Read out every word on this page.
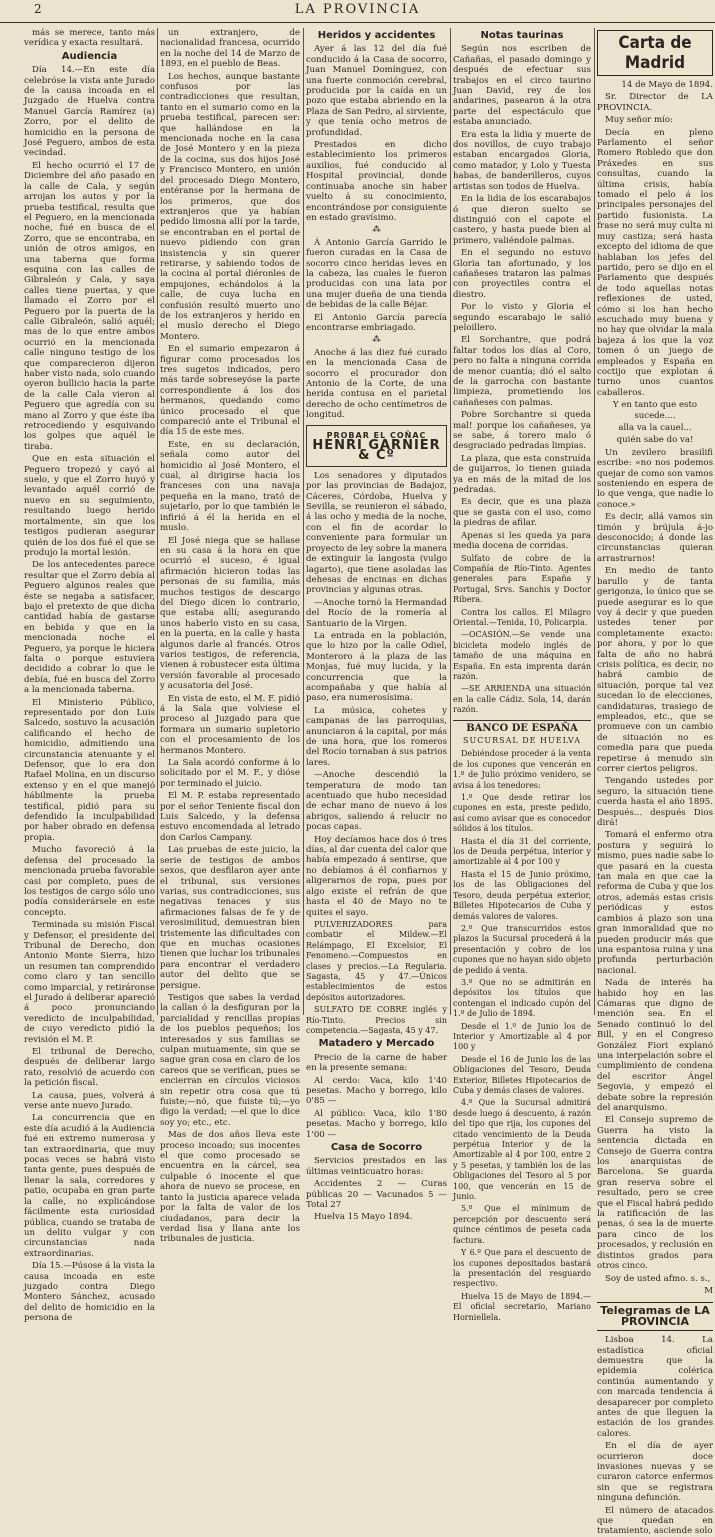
2	LA PROVINCIA

más se merece, tanto más verídica y exacta resultará.

Audiencia

Día 14.—En este día celebróse la vista ante Jurado de la causa incoada en el Juzgado de Huelva contra Manuel García Ramírez (a) Zorro, por el delito de homicidio en la persona de José Peguero, ambos de esta vecindad.

El hecho ocurrió el 17 de Diciembre del año pasado en la calle de Cala, y según arrojan los autos y por la prueba testifical, resulta que el Peguero, en la mencionada noche, fué en busca de el Zorro, que se encontraba, en unión de otros amigos, en una taberna que forma esquina con las calles de Gibraleón y Cala, y saya calles tiene puertas, y que llamado el Zorro por el Peguero por la puerta de la calle Gibraleón, salió aquél; mas de lo que entre ambos ocurrió en la mencionada calle ninguno testigo de los que comparecieron dijeron haber visto nada, solo cuando oyeron bullicio hacia la parte de la calle Cala vieron al Peguero que agredía con su mano al Zorro y que éste iba retrocediendo y esquivando los golpes que aquél le tiraba.

Que en esta situación el Peguero tropezó y cayó al suelo, y que el Zorro huyó y levantado aquél corrió de nuevo en su seguimiento, resultando luego herido mortalmente, sin que los testigos pudieran asegurar quién de los dos fué el que se produjo la mortal lesión.

De los antecedentes parece resultar que el Zorro debía al Peguero algunos reales que éste se negaba a satisfacer, bajo el pretexto de que dicha cantidad había de gastarse en bebida y que en la mencionada noche el Peguero, ya porque le hiciera falta o porque estuviera decidido a cobrar lo que le debía, fué en busca del Zorro a la mencionada taberna.

El Ministerio Público, representado por don Luis Salcedo, sostuvo la acusación calificando el hecho de homicidio, admitiendo una circunstancia atenuante y el Defensor, que lo era don Rafael Molina, en un discurso extenso y en el que manejó hábilmente la prueba testifical, pidió para su defendido la inculpabilidad por haber obrado en defensa propia.

Mucho favoreció á la defensa del procesado la mencionada prueba favorable casi por completo, pues de los testigos de cargo sólo uno podía considerársele en este concepto.

Terminada su misión Fiscal y Defensor, el presidente del Tribunal de Derecho, don Antonio Monte Sierra, hizo un resumen tan comprendido como claro y tan sencillo como imparcial, y retiráronse el Jurado á deliberar apareció á poco pronunciando veredicto de inculpabilidad, de cuyo veredicto pidió la revisión el M. P.

El tribunal de Derecho, después de deliberar largo rato, resolvió de acuerdo con la petición fiscal.

La causa, pues, volverá á verse ante nuevo Jurado.

La concurrencia que en este día acudió á la Audiencia fué en extremo numerosa y tan extraordinaria, que muy pocas veces se habrá visto tanta gente, pues después de llenar la sala, corredores y patio, ocupaba en gran parte la calle, no explicándose fácilmente esta curiosidad pública, cuando se trataba de un delito vulgar y con circunstancias nada extraordinarias.

Día 15.—Púsose á la vista la causa incoada en este juzgado contra Diego Montero Sánchez, acusado del delito de homicidio en la persona de

un extranjero, de nacionalidad francesa, ocurrido en la noche del 14 de Marzo de 1893, en el pueblo de Beas.

Los hechos, aunque bastante confusos por las contradicciones que resultan, tanto en el sumario como en la prueba testifical, parecen ser: que hallándose en la mencionada noche en la casa de José Montero y en la pieza de la cocina, sus dos hijos José y Francisco Montero, en unión del procesado Diego Montero, entéranse por la hermana de los primeros, que dos extranjeros que ya habían pedido limosna allí por la tarde, se encontraban en el portal de nuevo pidiendo con gran insistencia y sin querer retirarse, y sabiendo todos de la cocina al portal diéronles de empujones, echándolos á la calle, de cuya lucha en confusión resultó muerto uno de los extranjeros y herido en el muslo derecho el Diego Montero.

En el sumario empezaron á figurar como procesados los tres sugetos indicados, pero más tarde sobreseyóse la parte correspondiente á los dos hermanos, quedando como único procesado el que compareció ante el Tribunal el día 15 de este mes.

Este, en su declaración, señala como autor del homicidio al José Montero, el cual, al dirigirse hacia los franceses con una navaja pequeña en la mano, trató de sujetarlo, por lo que también le infirió á él la herida en el muslo.

El José niega que se hallase en su casa á la hora en que ocurrió el suceso, é igual afirmación hicieron todas las personas de su familia, más muchos testigos de descargo del Diego dicen lo contrario, que estaba allí; asegurando unos haberlo visto en su casa, en la puerta, en la calle y hasta algunos darle al francés. Otros varios testigos, de referencia, vienen á robustecer esta última versión favorable al procesado y acusatoria del José.

En vista de esto, el M. F. pidió á la Sala que volviese el proceso al Juzgado para que formara un sumario supletorio con el procesamiento de los hermanos Montero.

La Sala acordó conforme á lo solicitado por el M. F., y dióse por terminado el juicio.

El M. P. estaba representado por el señor Teniente fiscal don Luis Salcedo, y la defensa estuvo encomendada al letrado don Carlos Campany.

Las pruebas de este juicio, la serie de testigos de ambos sexos, que desfilaron ayer ante el tribunal, sus versiones varias, sus contradicciones, sus negativas tenaces y sus afirmaciones falsas de fe y de verosimilitud, demuestran bien tristemente las dificultades con que en muchas ocasiones tienen que luchar los tribunales para encontrar el verdadero autor del delito que se persigue.

Testigos que sabes la verdad la callan ó la desfiguran por la parcialidad y rencillas propias de los pueblos pequeños; los interesados y sus familias se culpan mutuamente, sin que se sague gran cosa en claro de los careos que se verifican, pues se encierran en círculos viciosos sin repetir otra cosa que tú fuiste;—nó, que fuiste tú;—yo digo la verdad; —el que lo dice soy yo; etc., etc.

Mas de dos años lleva este proceso incoado; sus inocentes el que como procesado se encuentra en la cárcel, sea culpable ó inocente el que ahora de nuevo se procese, en tanto la justicia aparece velada por la falta de valor de los ciudadanos, para decir la verdad lisa y llana ante los tribunales de justicia.

Heridos y accidentes

Ayer á las 12 del día fué conducido á la Casa de socorro, Juan Manuel Domínguez, con una fuerte conmoción cerebral, producida por la caída en un pozo que estaba abriendo en la Plaza de San Pedro, al sirviente, y que tenía ocho metros de profundidad.

Prestados en dicho establecimiento los primeros auxilios, fué conducido al Hospital provincial, donde continuaba anoche sin haber vuelto á su conocimiento, encontrándose por consiguiente en estado gravísimo.

⁂

Á Antonio García Garrido le fueron curadas en la Casa de socorro cinco heridas leves en la cabeza, las cuales le fueron producidas con una lata por una mujer dueña de una tienda de bebidas de la calle Béjar.

El Antonio García parecía encontrarse embriagado.

⁂

Anoche á las diez fué curado en la mencionada Casa de socorro el procurador don Antonio de la Corte, de una herida contusa en el parietal derecho de ocho centímetros de longitud.

PROBAR EL COÑAC HENRI GARNIER & Cº

Los senadores y diputados por las provincias de Badajoz, Cáceres, Córdoba, Huelva y Sevilla, se reunieron el sábado, á las ocho y media de la noche, con el fin de acordar lo conveniente para formular un proyecto de ley sobre la manera de extinguir la langosta (vulgo lagarto), que tiene asoladas las dehesas de encinas en dichas provincias y algunas otras.

—Anoche tornó la Hermandad del Rocío de la romería al Santuario de la Virgen.

La entrada en la población, que lo hizo por la calle Odiel, Monteroro á la plaza de las Monjas, fué muy lucida, y la concurrencia que la acompañaba y que había al paso, era numerosísima.

La música, cohetes y campanas de las parroquias, anunciaron á la capital, por más de una hora, que los romeros del Rocío tornaban á sus patrios lares.

—Anoche descendió la temperatura de modo tan acentuado que hubo necesidad de echar mano de nuevo á los abrigos, saliendo á relucir no pocas capas.

Hoy decíamos hace dos ó tres días, al dar cuenta del calor que había empezado á sentirse, que no debíamos á él confiarnos y aligerarnos de ropa, pues por algo existe el refrán de que hasta el 40 de Mayo no te quites el sayo.

PULVERIZADORES para combatir el Mildew.—El Relámpago, El Excelsior, El Fenomeno.—Compuestos en clases y precios.—La Regularia. Sagasta, 45 y 47.—Únicos establecimientos de estos depósitos autorizadores.

SULFATO DE COBRE inglés y Río-Tinto. Precios sin competencia.—Sagasta, 45 y 47.

Matadero y Mercado

Precio de la carne de haber en la presente semana:

Al cerdo: Vaca, kilo 1'40 pesetas. Macho y borrego, kilo 0'85 —

Al público: Vaca, kilo 1'80 pesetas. Macho y borrego, kilo 1'00 —

Casa de Socorro

Servicios prestados en las últimas veinticuatro horas:

Accidentes 2 — Curas públicas 20 — Vacunados 5 — Total 27

Huelva 15 Mayo 1894.

Notas taurinas

Según nos escriben de Cañañas, el pasado domingo y después de efectuar sus trabajos en el circo taurino Juan David, rey de los andarines, pasearon á la otra parte del espectáculo que estaba anunciado.

Era esta la lidia y muerte de dos novillos, de cuyo trabajo estaban encargados Gloria, como matador, y Lolo y Tuesta habas, de banderilleros, cuyos artistas son todos de Huelva.

En la lidia de los escarabajos ó que dieron suelto se distinguió con el capote el castero, y hasta puede bien al primero, valiéndole palmas.

En el segundo no estuvo Gloria tan afortunado, y los cañañeses trataron las palmas con proyectiles contra el diestro.

Por lo visto y Gloria el segundo escarabajo le salió peloillero.

El Sorchantre, que podrá faltar todos los días al Coro, pero no falta a ninguna corrida de menor cuantía; dió el salto de la garrocha con bastante limpieza, prometiendo los cañañeses con palmas.

Pobre Sorchantre si queda mal! porque los cañañeses, ya se sabe, á torero malo ó desgraciado pedradas limpias.

La plaza, que esta construída de guijarros, lo tienen guiada ya en más de la mitad de los pedradas.

Es decir, que es una plaza que se gasta con el uso, como la piedras de afilar.

Apenas si les queda ya para media docena de corridas.

Sulfato de cobre de la Compañía de Río-Tinto. Agentes generales para España y Portugal, Srvs. Sanchis y Doctor Ribera.

Contra los callos. El Milagro Oriental.—Tenida, 10, Policarpia.

—OCASIÓN.—Se vende una bicicleta modelo inglés de tamaño de una máquina en España. En esta imprenta darán razón.

—SE ARRIENDA una situación en la calle Cádiz. Sola, 14, darán razón.

BANCO DE ESPAÑA
SUCURSAL DE HUELVA

Debiéndose proceder á la venta de los cupones que vencerán en 1.º de Julio próximo venidero, se avisa á los tenedores:

1.º Que desde retirar los cupones en esta, preste pedido, así como avisar que es conocedor sólidos á los títulos.

Hasta el día 31 del corriente, los de Deuda perpétua, interior y amortizable al 4 por 100 y

Hasta el 15 de Junio próximo, los de las Obligaciones del Tesoro, deuda perpétua exterior, Billetes Hipotecarios de Cuba y demás valores de valores.

2.º Que transcurridos estos plazos la Sucursal procederá á la presentación y cobro de los cupones que no hayan sido objeto de pedido á venta.

3.º Que no se admitirán en depósitos los títulos que contengan el indicado cupón del 1.º de Julio de 1894.

Desde el 1.º de Junio los de Interior y Amortizable al 4 por 100 y

Desde el 16 de Junio los de las Obligaciones del Tesoro, Deuda Exterior, Billetes Hipotecarios de Cuba y demás clases de valores.

4.º Que la Sucursal admitirá desde luego á descuento, á razón del tipo que rija, los cupones del citado vencimiento de la Deuda perpétua Interior y de la Amortizable al 4 por 100, entre 2 y 5 pesetas, y también los de las Obligaciones del Tesoro al 5 por 100, que vencerán en 15 de Junio.

5.º Que el mínimum de percepción por descuento será quince céntimos de peseta cada factura.

Y 6.º Que para el descuento de los cupones depositados bastará la presentación del resguardo respectivo.

Huelva 15 de Mayo de 1894.—El oficial secretario, Mariano Horniellela.

Carta de Madrid

14 de Mayo de 1894.

Sr. Director de LA PROVINCIA.

Muy señor mío:

Decía en pleno Parlamento el señor Romero Robledo que don Práxedes en sus consultas, cuando la última crisis, había tomado el pelo á los principales personajes del partido fusionista. La frase no será muy culta ni muy castiza; será hasta excepto del idioma de que hablaban los jefes del partido, pero se dijo en el Parlamento que después de todo aquellas notas reflexiones de usted, cómo si los han hecho escuchado muy buena y no hay que olvidar la mala bajeza á los que la voz tomen ó un juego de empleados y España en coctijo que explotan á turno unos cuantos caballeros.

Y en tanto que esto sucede....
alla va la cauel...
quién sabe do va!

Un zevilero brasilifi escribe: «no nos podemos quejar de como son vamos sosteniendo en espera de lo que venga, que nadie lo conoce.»

Es decir, allá vamos sin timón y brújula á-jo desconocido; á donde las circunstancias quieran arrastrarnos!

En medio de tanto barullo y de tanta gerigonza, lo único que se puede asegurar es lo que voy á decir y que pueden ustedes tener por completamente exacto: por ahora, y por lo que falta de año no habrá crisis política, es decir, no habrá cambio de situación, porque tal vez sucedan lo de elecciones, candidaturas, trasiego de empleados, etc., que se promueve con un cambio de situación no es comedia para que pueda repetirse á menudo sin correr ciertos peligros.

Tengando ustedes por seguro, la situación tiene cuerda hasta el año 1895. Después... después Dios dirá!

Tomará el enfermo otra postura y seguirá lo mismo, pues nadie sabe lo que pasará en la cuesta tan mala en que cae la reforma de Cuba y que los otros, además estas crisis periódicas y estos cambios á plazo son una gran inmoralidad que no pueden producir más que una espantosa ruina y una profunda perturbación nacional.

Nada de interés ha habido hoy en las Cámaras que digno de mención sea. En el Senado continuó lo del Bill, y en el Congreso González Fiori explanó una interpelación sobre el cumplimiento de condena del escritor Ángel Segovia, y empezó el debate sobre la represión del anarquismo.

El Consejo supremo de Guerra ha visto la sentencia dictada en Consejo de Guerra contra los anarquistas de Barcelona. Se guarda gran reserva sobre el resultado, pero se cree que el Fiscal habrá pedido la ratificación de las penas, ó sea la de muerte para cinco de los procesados, y reclusión en distintos grados para otros cinco.

Soy de usted afmo. s. s.,

M

Telegramas de LA PROVINCIA

Lisboa 14. La estadística oficial demuestra que la epidemia colérica continúa aumentando y con marcada tendencia á desaparecer por completo antes de que lleguen la estación de los grandes calores.

En el día de ayer ocurrieron doce invasiones nuevas y se curaron catorce enfermos sin que se registrara ninguna defunción.

El número de atacados que quedan en tratamiento, asciende solo
